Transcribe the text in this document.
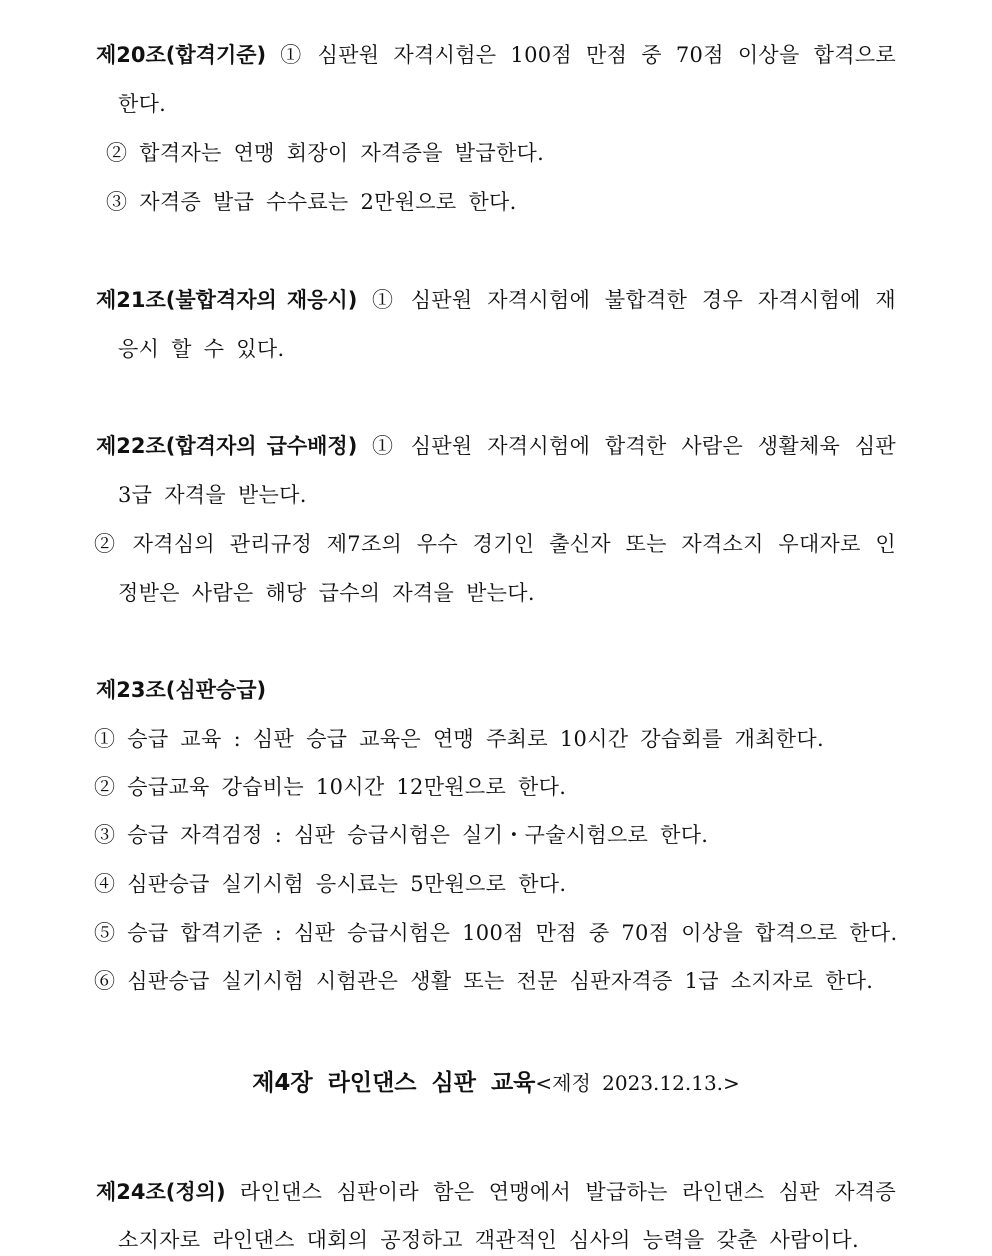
제20조(합격기준) ① 심판원 자격시험은 100점 만점 중 70점 이상을 합격으로
한다.
② 합격자는 연맹 회장이 자격증을 발급한다.
③ 자격증 발급 수수료는 2만원으로 한다.
제21조(불합격자의 재응시) ① 심판원 자격시험에 불합격한 경우 자격시험에 재
응시 할 수 있다.
제22조(합격자의 급수배정) ① 심판원 자격시험에 합격한 사람은 생활체육 심판
3급 자격을 받는다.
② 자격심의 관리규정 제7조의 우수 경기인 출신자 또는 자격소지 우대자로 인
정받은 사람은 해당 급수의 자격을 받는다.
제23조(심판승급)
① 승급 교육 : 심판 승급 교육은 연맹 주최로 10시간 강습회를 개최한다.
② 승급교육 강습비는 10시간 12만원으로 한다.
③ 승급 자격검정 : 심판 승급시험은 실기・구술시험으로 한다.
④ 심판승급 실기시험 응시료는 5만원으로 한다.
⑤ 승급 합격기준 : 심판 승급시험은 100점 만점 중 70점 이상을 합격으로 한다.
⑥ 심판승급 실기시험 시험관은 생활 또는 전문 심판자격증 1급 소지자로 한다.
제4장 라인댄스 심판 교육<제정 2023.12.13.>
제24조(정의) 라인댄스 심판이라 함은 연맹에서 발급하는 라인댄스 심판 자격증
소지자로 라인댄스 대회의 공정하고 객관적인 심사의 능력을 갖춘 사람이다.
